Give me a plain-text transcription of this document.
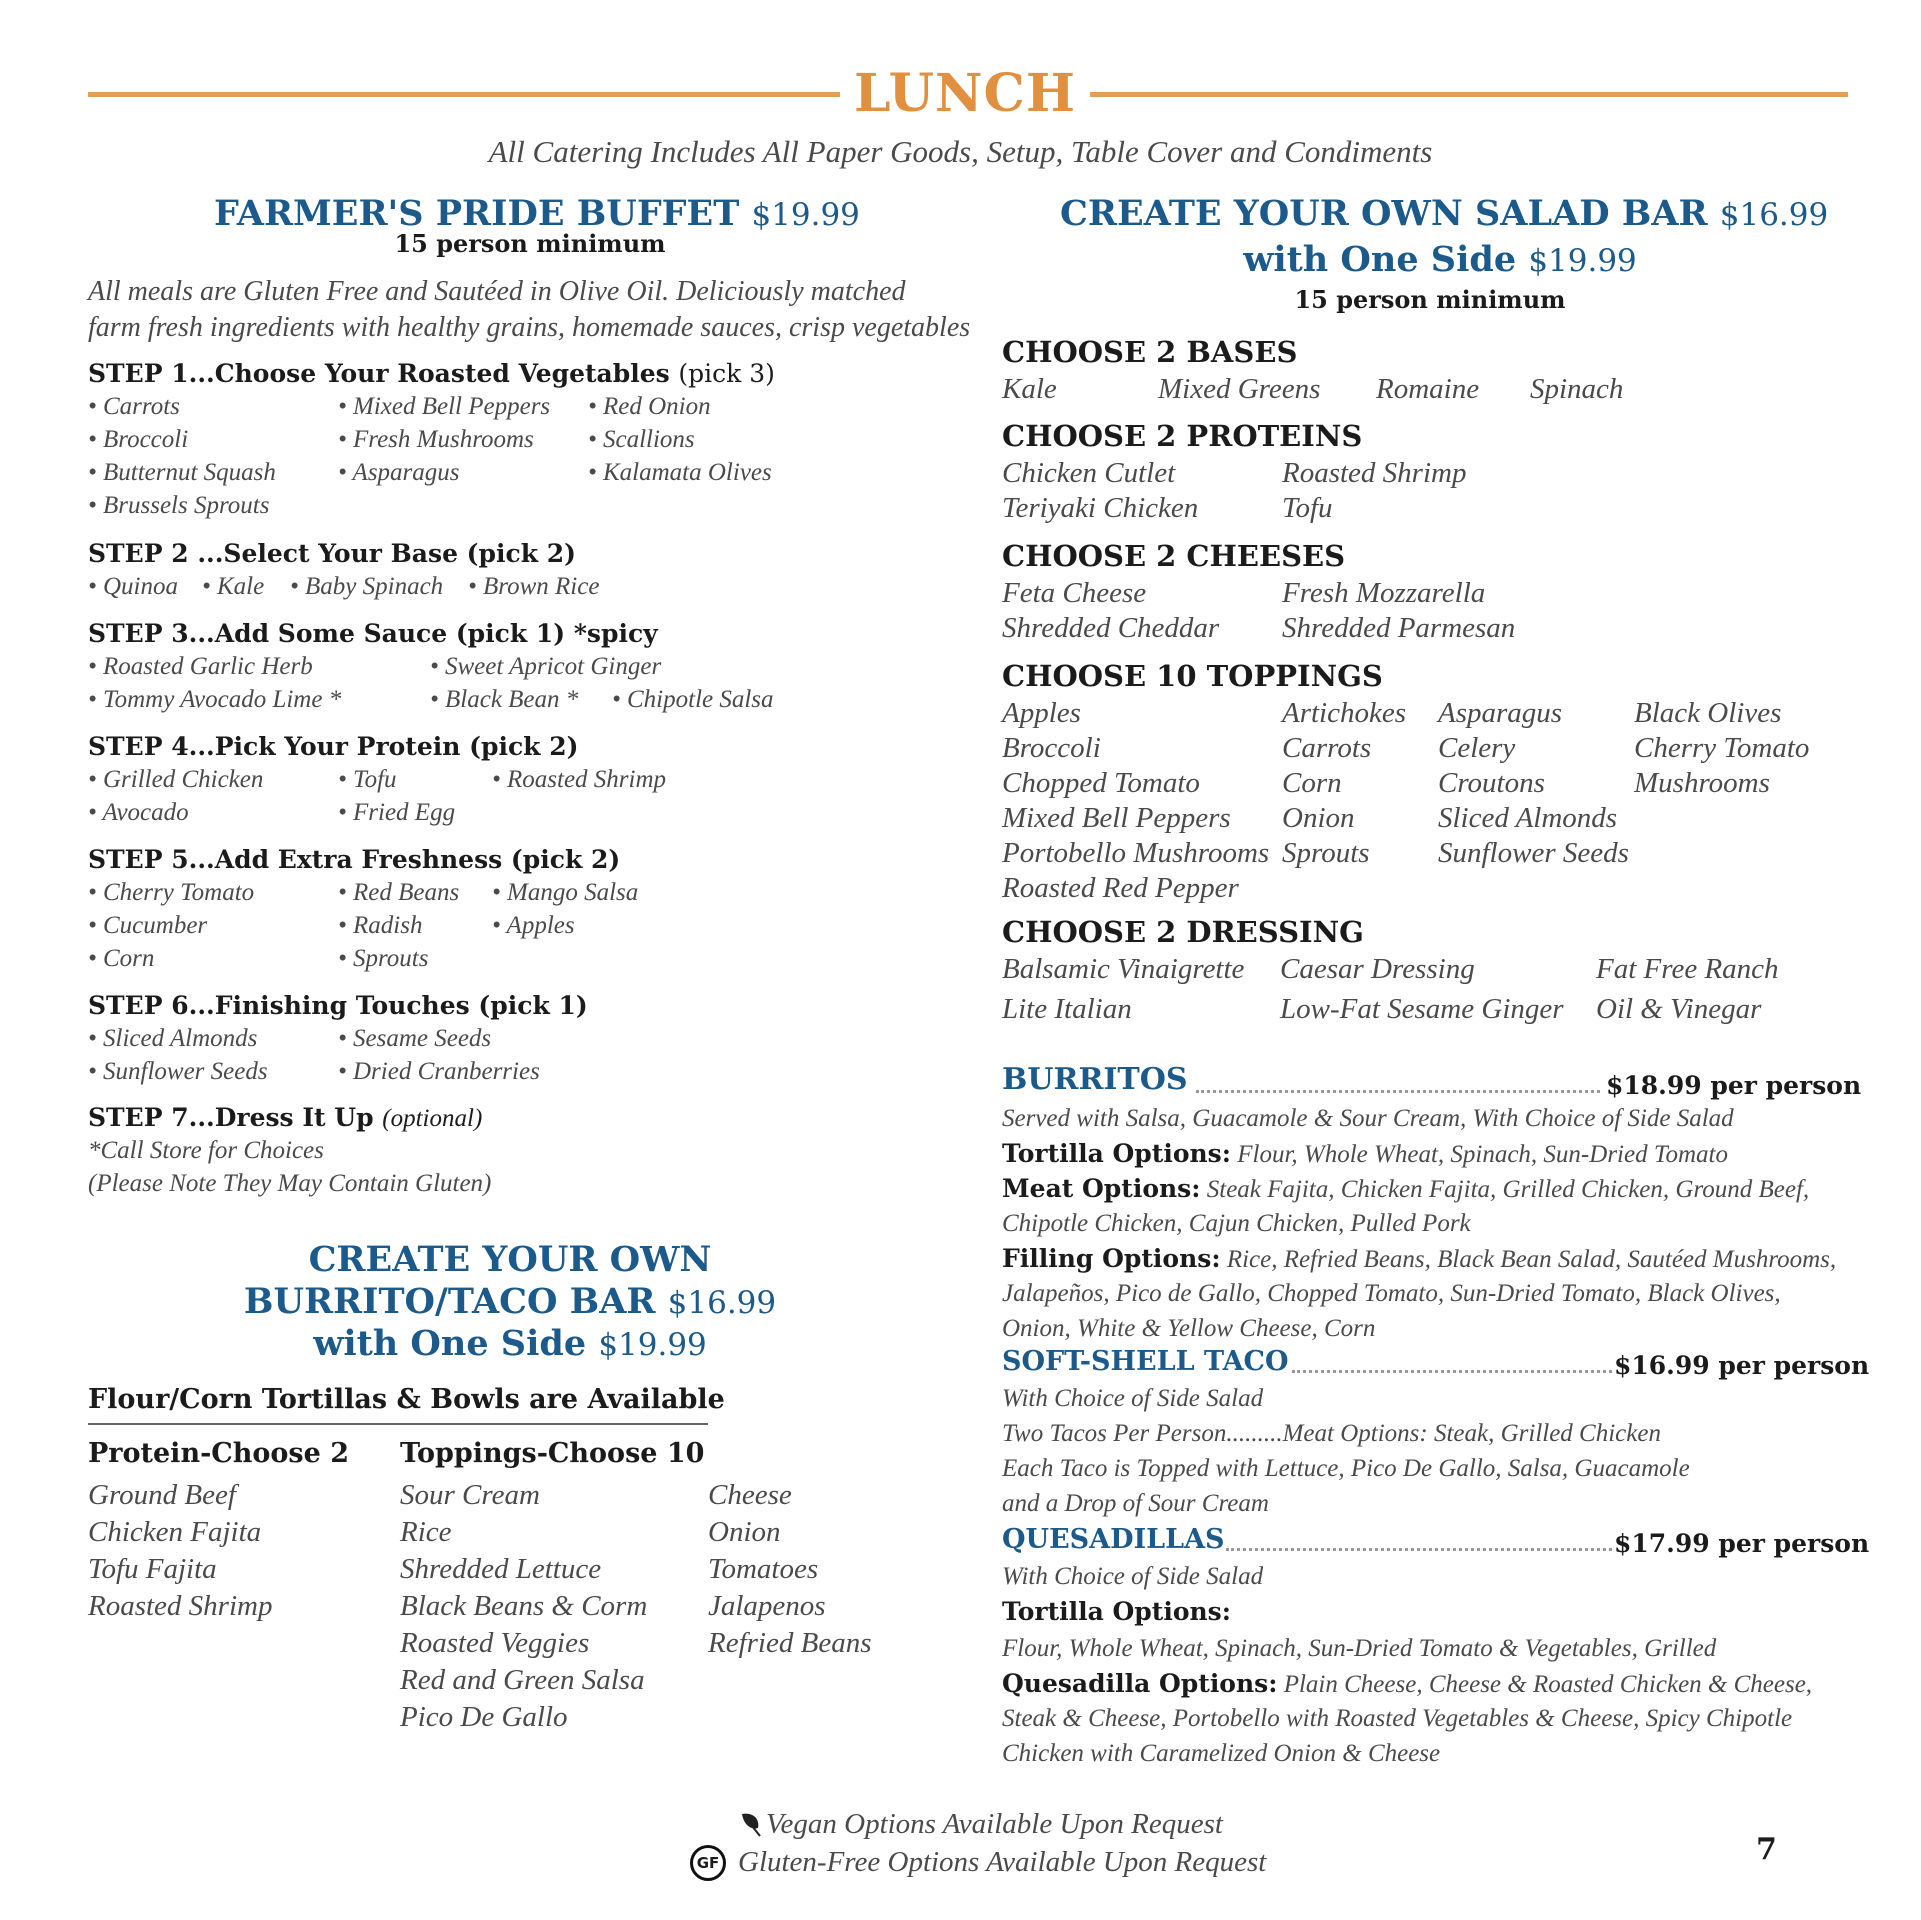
LUNCH
All Catering Includes All Paper Goods, Setup, Table Cover and Condiments
FARMER'S PRIDE BUFFET $19.99
15 person minimum
All meals are Gluten Free and Sautéed in Olive Oil. Deliciously matched
farm fresh ingredients with healthy grains, homemade sauces, crisp vegetables
STEP 1...Choose Your Roasted Vegetables (pick 3)
• Carrots	• Mixed Bell Peppers • Red Onion
• Broccoli	• Fresh Mushrooms • Scallions
• Butternut Squash • Asparagus	• Kalamata Olives
• Brussels Sprouts
STEP 2 ...Select Your Base (pick 2)
• Quinoa • Kale • Baby Spinach • Brown Rice
STEP 3...Add Some Sauce (pick 1) *spicy
• Roasted Garlic Herb	• Sweet Apricot Ginger
• Tommy Avocado Lime *	• Black Bean * • Chipotle Salsa
STEP 4...Pick Your Protein (pick 2)
• Grilled Chicken	• Tofu	• Roasted Shrimp
• Avocado	• Fried Egg
STEP 5...Add Extra Freshness (pick 2)
• Cherry Tomato	• Red Beans • Mango Salsa
• Cucumber	• Radish	• Apples
• Corn	• Sprouts
STEP 6...Finishing Touches (pick 1)
• Sliced Almonds	• Sesame Seeds
• Sunflower Seeds	• Dried Cranberries
STEP 7...Dress It Up (optional)
*Call Store for Choices
(Please Note They May Contain Gluten)
CREATE YOUR OWN
BURRITO/TACO BAR $16.99
with One Side $19.99
Flour/Corn Tortillas & Bowls are Available
Protein-Choose 2
Ground Beef
Chicken Fajita
Tofu Fajita
Roasted Shrimp
Toppings-Choose 10
Sour Cream
Rice
Shredded Lettuce
Black Beans & Corm
Roasted Veggies
Red and Green Salsa
Pico De Gallo
Cheese
Onion
Tomatoes
Jalapenos
Refried Beans
CREATE YOUR OWN SALAD BAR $16.99
with One Side $19.99
15 person minimum
CHOOSE 2 BASES
Kale	Mixed Greens Romaine Spinach
CHOOSE 2 PROTEINS
Chicken Cutlet	Roasted Shrimp
Teriyaki Chicken	Tofu
CHOOSE 2 CHEESES
Feta Cheese	Fresh Mozzarella
Shredded Cheddar Shredded Parmesan
CHOOSE 10 TOPPINGS
Apples	Artichokes Asparagus Black Olives
Broccoli	Carrots Celery	Cherry Tomato
Chopped Tomato	Corn	Croutons	Mushrooms
Mixed Bell Peppers Onion	Sliced Almonds
Portobello Mushrooms Sprouts Sunflower Seeds
Roasted Red Pepper
CHOOSE 2 DRESSING
Balsamic Vinaigrette Caesar Dressing	Fat Free Ranch
Lite Italian	Low-Fat Sesame Ginger Oil & Vinegar
BURRITOS	$18.99 per person
Served with Salsa, Guacamole & Sour Cream, With Choice of Side Salad
Tortilla Options: Flour, Whole Wheat, Spinach, Sun-Dried Tomato
Meat Options: Steak Fajita, Chicken Fajita, Grilled Chicken, Ground Beef,
Chipotle Chicken, Cajun Chicken, Pulled Pork
Filling Options: Rice, Refried Beans, Black Bean Salad, Sautéed Mushrooms,
Jalapeños, Pico de Gallo, Chopped Tomato, Sun-Dried Tomato, Black Olives,
Onion, White & Yellow Cheese, Corn
SOFT-SHELL TACO	$16.99 per person
With Choice of Side Salad
Two Tacos Per Person.........Meat Options: Steak, Grilled Chicken
Each Taco is Topped with Lettuce, Pico De Gallo, Salsa, Guacamole
and a Drop of Sour Cream
QUESADILLAS	$17.99 per person
With Choice of Side Salad
Tortilla Options:
Flour, Whole Wheat, Spinach, Sun-Dried Tomato & Vegetables, Grilled
Quesadilla Options: Plain Cheese, Cheese & Roasted Chicken & Cheese,
Steak & Cheese, Portobello with Roasted Vegetables & Cheese, Spicy Chipotle
Chicken with Caramelized Onion & Cheese
Vegan Options Available Upon Request
GF Gluten-Free Options Available Upon Request	7
